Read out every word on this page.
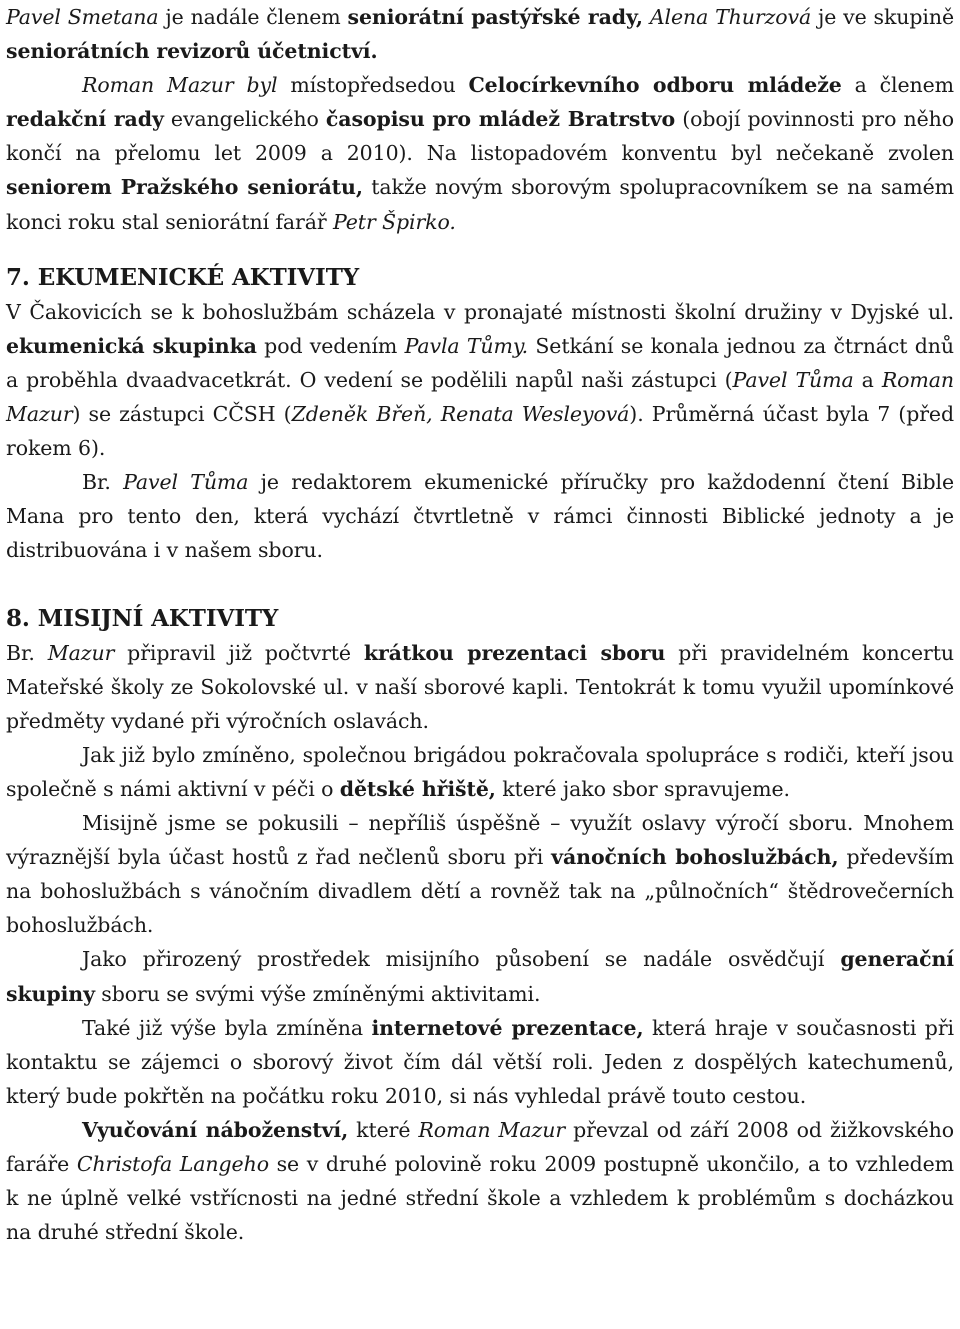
Pavel Smetana je nadále členem seniorátní pastýřské rady, Alena Thurzová je ve skupině seniorátních revizorů účetnictví.

Roman Mazur byl místopředsedou Celocírkevního odboru mládeže a členem redakční rady evangelického časopisu pro mládež Bratrstvo (obojí povinnosti pro něho končí na přelomu let 2009 a 2010). Na listopadovém konventu byl nečekaně zvolen seniorem Pražského seniorátu, takže novým sborovým spolupracovníkem se na samém konci roku stal seniorátní farář Petr Špirko.

7. EKUMENICKÉ AKTIVITY

V Čakovicích se k bohoslužbám scházela v pronajaté místnosti školní družiny v Dyjské ul. ekumenická skupinka pod vedením Pavla Tůmy. Setkání se konala jednou za čtrnáct dnů a proběhla dvaadvacetkrát. O vedení se podělili napůl naši zástupci (Pavel Tůma a Roman Mazur) se zástupci CČSH (Zdeněk Břeň, Renata Wesleyová). Průměrná účast byla 7 (před rokem 6).

Br. Pavel Tůma je redaktorem ekumenické příručky pro každodenní čtení Bible Mana pro tento den, která vychází čtvrtletně v rámci činnosti Biblické jednoty a je distribuována i v našem sboru.

8. MISIJNÍ AKTIVITY

Br. Mazur připravil již počtvrté krátkou prezentaci sboru při pravidelném koncertu Mateřské školy ze Sokolovské ul. v naší sborové kapli. Tentokrát k tomu využil upomínkové předměty vydané při výročních oslavách.

Jak již bylo zmíněno, společnou brigádou pokračovala spolupráce s rodiči, kteří jsou společně s námi aktivní v péči o dětské hřiště, které jako sbor spravujeme.

Misijně jsme se pokusili – nepříliš úspěšně – využít oslavy výročí sboru. Mnohem výraznější byla účast hostů z řad nečlenů sboru při vánočních bohoslužbách, především na bohoslužbách s vánočním divadlem dětí a rovněž tak na „půlnočních“ štědrovečerních bohoslužbách.

Jako přirozený prostředek misijního působení se nadále osvědčují generační skupiny sboru se svými výše zmíněnými aktivitami.

Také již výše byla zmíněna internetové prezentace, která hraje v současnosti při kontaktu se zájemci o sborový život čím dál větší roli. Jeden z dospělých katechumenů, který bude pokřtěn na počátku roku 2010, si nás vyhledal právě touto cestou.

Vyučování náboženství, které Roman Mazur převzal od září 2008 od žižkovského faráře Christofa Langeho se v druhé polovině roku 2009 postupně ukončilo, a to vzhledem k ne úplně velké vstřícnosti na jedné střední škole a vzhledem k problémům s docházkou na druhé střední škole.
